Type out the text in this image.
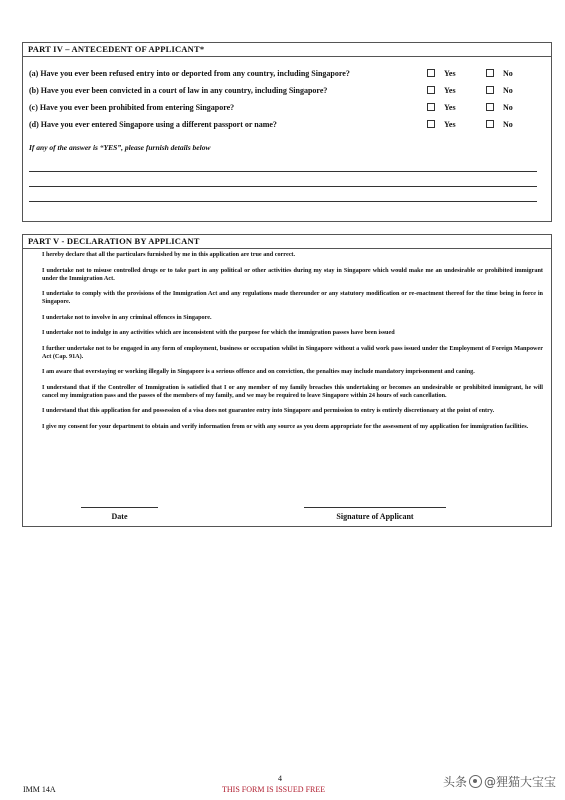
PART IV – ANTECEDENT OF APPLICANT*
(a) Have you ever been refused entry into or deported from any country, including Singapore?	Yes	No
(b) Have you ever been convicted in a court of law in any country, including Singapore?	Yes	No
(c) Have you ever been prohibited from entering Singapore?	Yes	No
(d) Have you ever entered Singapore using a different passport or name?	Yes	No
If any of the answer is “YES”, please furnish details below
PART V - DECLARATION BY APPLICANT

I hereby declare that all the particulars furnished by me in this application are true and correct.

I undertake not to misuse controlled drugs or to take part in any political or other activities during my stay in Singapore which would make me an undesirable or prohibited immigrant under the Immigration Act.

I undertake to comply with the provisions of the Immigration Act and any regulations made thereunder or any statutory modification or re-enactment thereof for the time being in force in Singapore.

I undertake not to involve in any criminal offences in Singapore.

I undertake not to indulge in any activities which are inconsistent with the purpose for which the immigration passes have been issued

I further undertake not to be engaged in any form of employment, business or occupation whilst in Singapore without a valid work pass issued under the Employment of Foreign Manpower Act (Cap. 91A).

I am aware that overstaying or working illegally in Singapore is a serious offence and on conviction, the penalties may include mandatory imprisonment and caning.

I understand that if the Controller of Immigration is satisfied that I or any member of my family breaches this undertaking or becomes an undesirable or prohibited immigrant, he will cancel my immigration pass and the passes of the members of my family, and we may be required to leave Singapore within 24 hours of such cancellation.

I understand that this application for and possession of a visa does not guarantee entry into Singapore and permission to entry is entirely discretionary at the point of entry.

I give my consent for your department to obtain and verify information from or with any source as you deem appropriate for the assessment of my application for immigration facilities.

Date	Signature of Applicant
IMM 14A
4
THIS FORM IS ISSUED FREE
头条 @狸猫大宝宝
